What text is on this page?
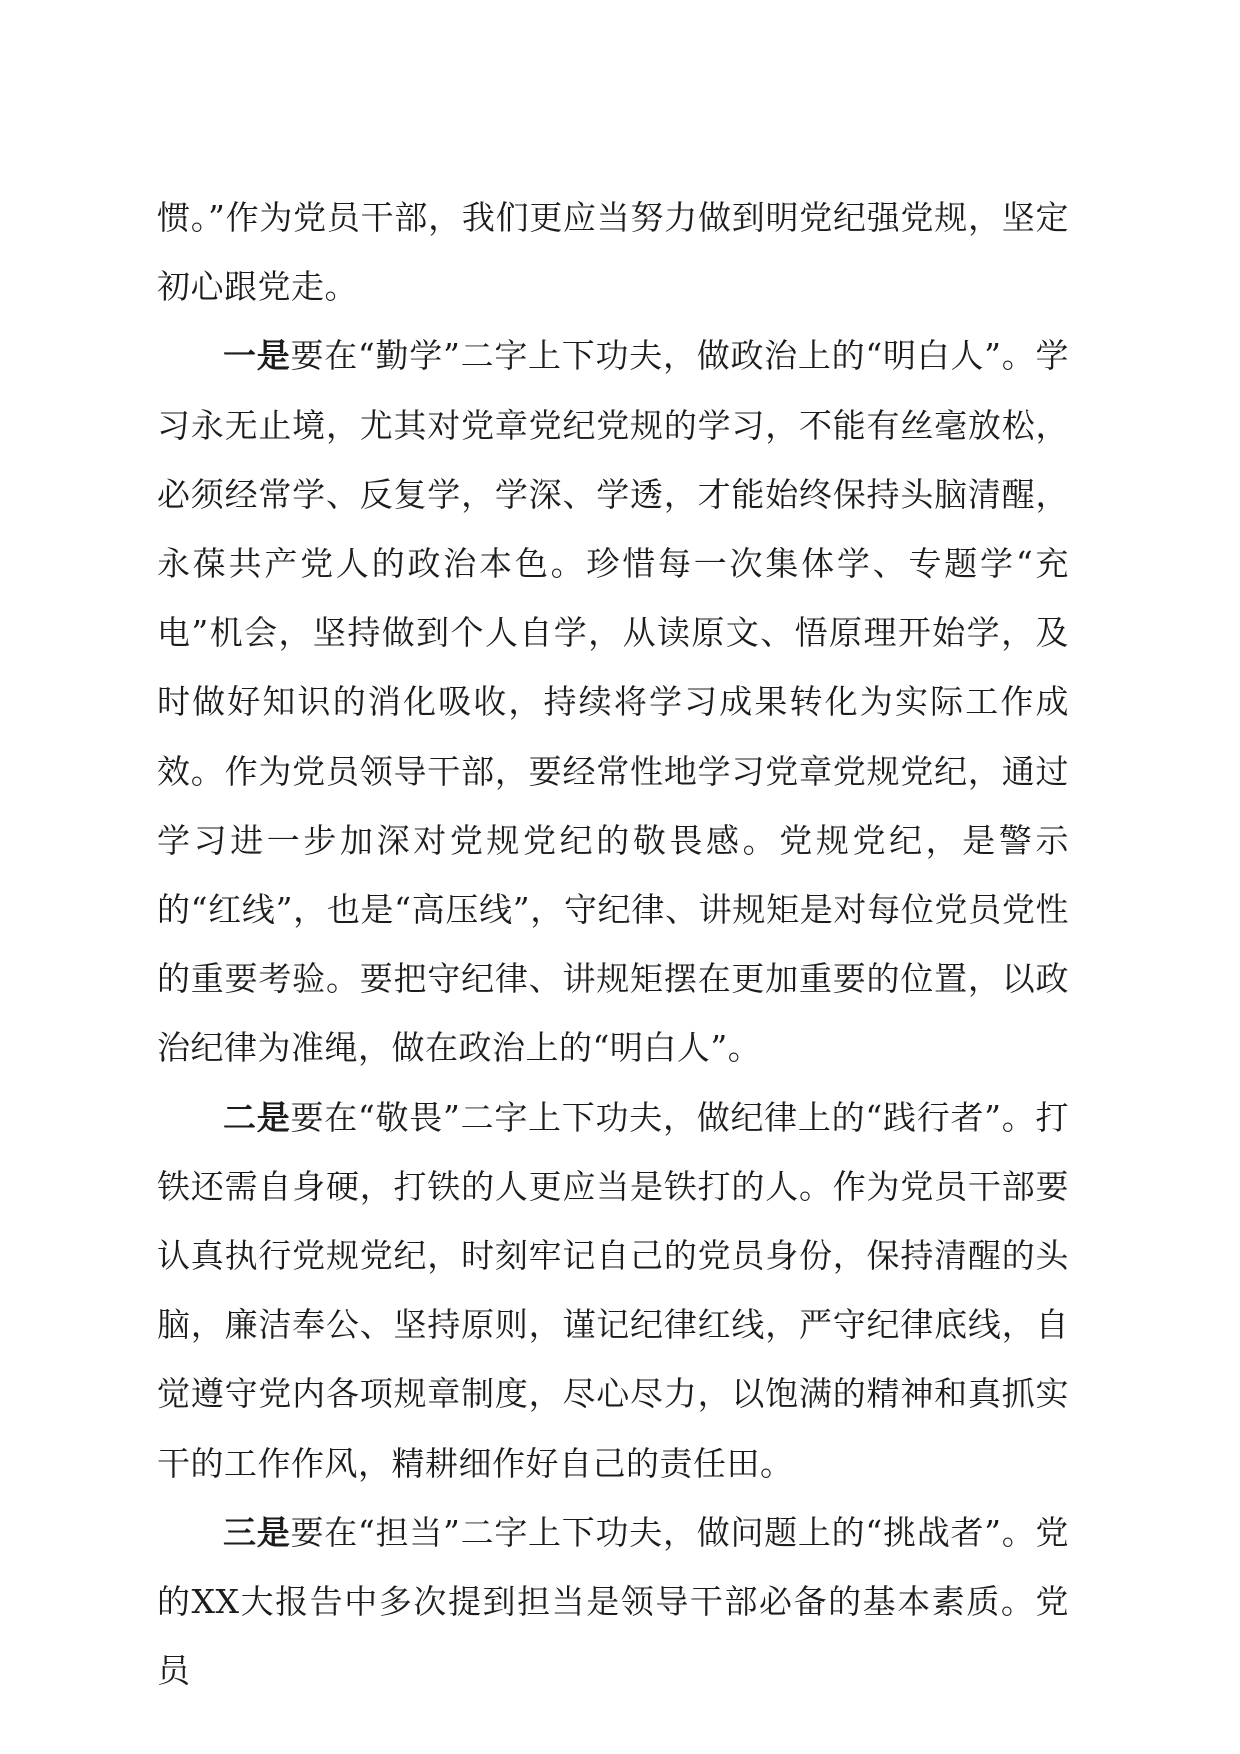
惯。”作为党员干部，我们更应当努力做到明党纪强党规，坚定初心跟党走。

一是要在“勤学”二字上下功夫，做政治上的“明白人”。学习永无止境，尤其对党章党纪党规的学习，不能有丝毫放松，必须经常学、反复学，学深、学透，才能始终保持头脑清醒，永葆共产党人的政治本色。珍惜每一次集体学、专题学“充电”机会，坚持做到个人自学，从读原文、悟原理开始学，及时做好知识的消化吸收，持续将学习成果转化为实际工作成效。作为党员领导干部，要经常性地学习党章党规党纪，通过学习进一步加深对党规党纪的敬畏感。党规党纪，是警示的“红线”，也是“高压线”，守纪律、讲规矩是对每位党员党性的重要考验。要把守纪律、讲规矩摆在更加重要的位置，以政治纪律为准绳，做在政治上的“明白人”。

二是要在“敬畏”二字上下功夫，做纪律上的“践行者”。打铁还需自身硬，打铁的人更应当是铁打的人。作为党员干部要认真执行党规党纪，时刻牢记自己的党员身份，保持清醒的头脑，廉洁奉公、坚持原则，谨记纪律红线，严守纪律底线，自觉遵守党内各项规章制度，尽心尽力，以饱满的精神和真抓实干的工作作风，精耕细作好自己的责任田。

三是要在“担当”二字上下功夫，做问题上的“挑战者”。党的XX大报告中多次提到担当是领导干部必备的基本素质。党员
